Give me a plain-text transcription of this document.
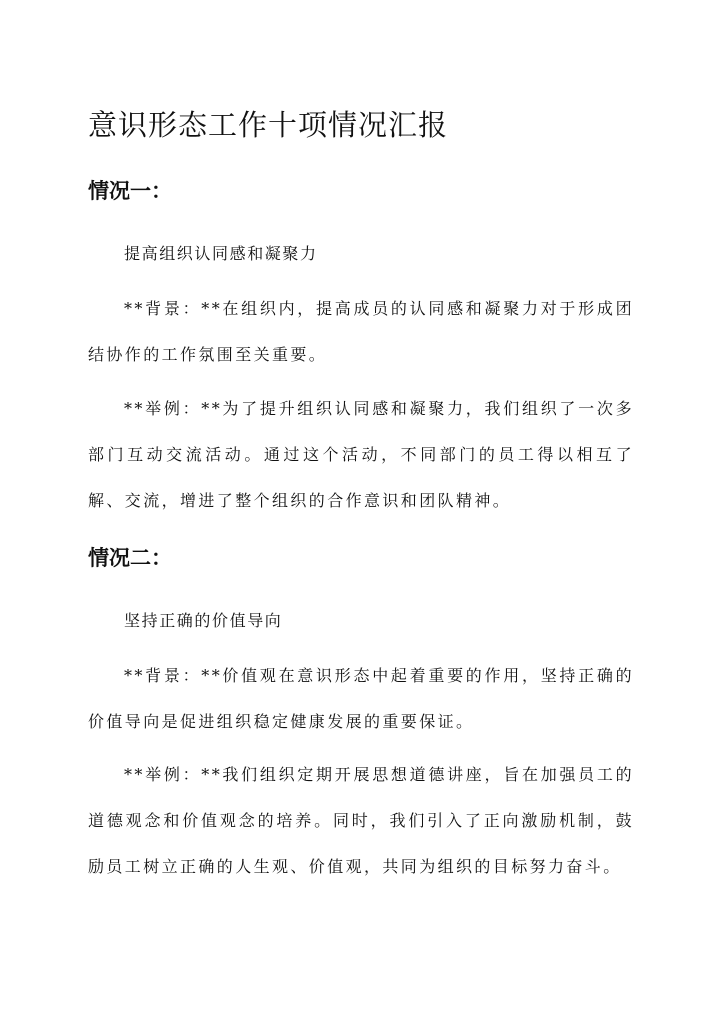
意识形态工作十项情况汇报
情况一：
提高组织认同感和凝聚力

**背景：**在组织内，提高成员的认同感和凝聚力对于形成团结协作的工作氛围至关重要。

**举例：**为了提升组织认同感和凝聚力，我们组织了一次多部门互动交流活动。通过这个活动，不同部门的员工得以相互了解、交流，增进了整个组织的合作意识和团队精神。

情况二：
坚持正确的价值导向

**背景：**价值观在意识形态中起着重要的作用，坚持正确的价值导向是促进组织稳定健康发展的重要保证。

**举例：**我们组织定期开展思想道德讲座，旨在加强员工的道德观念和价值观念的培养。同时，我们引入了正向激励机制，鼓励员工树立正确的人生观、价值观，共同为组织的目标努力奋斗。
